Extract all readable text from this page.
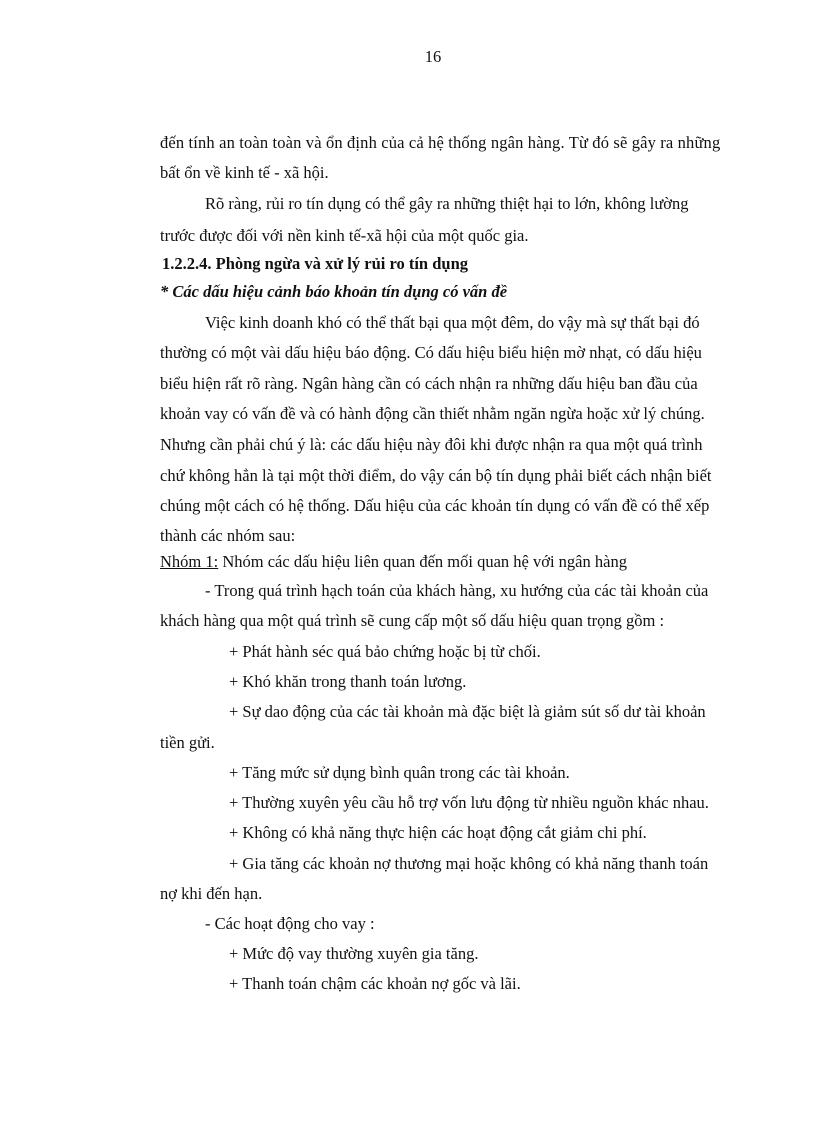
16
đến tính an toàn toàn và ổn định của cả hệ thống ngân hàng. Từ đó sẽ gây ra những
bất ổn về kinh tế - xã hội.
Rõ ràng, rủi ro tín dụng có thể gây ra những thiệt hại to lớn, không lường
trước được đối với nền kinh tế-xã hội của một quốc gia.
1.2.2.4. Phòng ngừa và xử lý rủi ro tín dụng
* Các dấu hiệu cảnh báo khoản tín dụng có vấn đề
Việc kinh doanh khó có thể thất bại qua một đêm, do vậy mà sự thất bại đó
thường có một vài dấu hiệu báo động. Có dấu hiệu biểu hiện mờ nhạt, có dấu hiệu
biểu hiện rất rõ ràng. Ngân hàng cần có cách nhận ra những dấu hiệu ban đầu của
khoản vay có vấn đề và có hành động cần thiết nhằm ngăn ngừa hoặc xử lý chúng.
Nhưng cần phải chú ý là: các dấu hiệu này đôi khi được nhận ra qua một quá trình
chứ không hẳn là tại một thời điểm, do vậy cán bộ tín dụng phải biết cách nhận biết
chúng một cách có hệ thống. Dấu hiệu của các khoản tín dụng có vấn đề có thể xếp
thành các nhóm sau:
Nhóm 1: Nhóm các dấu hiệu liên quan đến mối quan hệ với ngân hàng
- Trong quá trình hạch toán của khách hàng, xu hướng của các tài khoản của
khách hàng qua một quá trình sẽ cung cấp một số dấu hiệu quan trọng gồm :
+ Phát hành séc quá bảo chứng hoặc bị từ chối.
+ Khó khăn trong thanh toán lương.
+ Sự dao động của các tài khoản mà đặc biệt là giảm sút số dư tài khoản
tiền gửi.
+ Tăng mức sử dụng bình quân trong các tài khoản.
+ Thường xuyên yêu cầu hỗ trợ vốn lưu động từ nhiều nguồn khác nhau.
+ Không có khả năng thực hiện các hoạt động cắt giảm chi phí.
+ Gia tăng các khoản nợ thương mại hoặc không có khả năng thanh toán
nợ khi đến hạn.
- Các hoạt động cho vay :
+ Mức độ vay thường xuyên gia tăng.
+ Thanh toán chậm các khoản nợ gốc và lãi.
